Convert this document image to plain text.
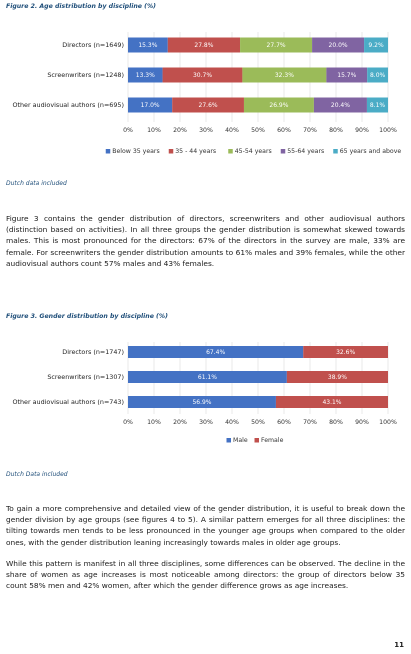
Figure 2. Age distribution by discipline (%)
0% 10% 20% 30% 40% 50% 60% 70% 80% 90% 100%
Directors (n=1649) 15.3%	27.8%	27.7%	20.0%	9.2%
Screenwriters (n=1248) 13.3%	30.7%	32.3%	15.7% 8.0%
Other audiovisual authors (n=695)	17.0%	27.6%	26.9%	20.4%	8.1%
Below 35 years	35 - 44 years	45-54 years	55-64 years	65 years and above
Dutch data included
Figure 3 contains the gender distribution of directors, screenwriters and other audiovisual authors (distinction based on activities). In all three groups the gender distribution is somewhat skewed towards males. This is most pronounced for the directors: 67% of the directors in the survey are male, 33% are female. For screenwriters the gender distribution amounts to 61% males and 39% females, while the other audiovisual authors count 57% males and 43% females.
Figure 3. Gender distribution by discipline (%)
0% 10% 20% 30% 40% 50% 60% 70% 80% 90% 100%
Directors (n=1747)	67.4%	32.6%
Screenwriters (n=1307)	61.1%	38.9%
Other audiovisual authors (n=743)	56.9%	43.1%
Male Female
Dutch Data included
To gain a more comprehensive and detailed view of the gender distribution, it is useful to break down the gender division by age groups (see figures 4 to 5). A similar pattern emerges for all three disciplines: the tilting towards men tends to be less pronounced in the younger age groups when compared to the older ones, with the gender distribution leaning increasingly towards males in older age groups.
While this pattern is manifest in all three disciplines, some differences can be observed. The decline in the share of women as age increases is most noticeable among directors: the group of directors below 35 count 58% men and 42% women, after which the gender difference grows as age increases.
11
